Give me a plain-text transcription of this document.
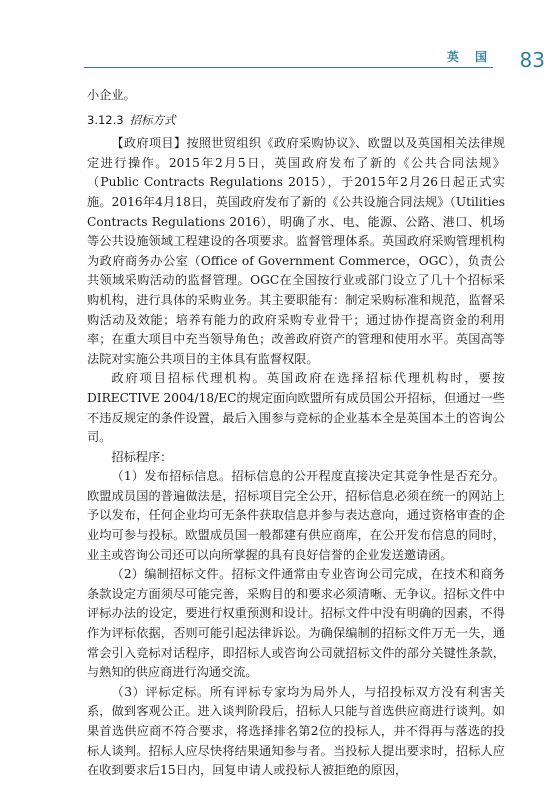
英 国 83

小企业。

3.12.3 招标方式

【政府项目】按照世贸组织《政府采购协议》、欧盟以及英国相关法律规定进行操作。2015年2月5日，英国政府发布了新的《公共合同法规》（Public Contracts Regulations 2015），于2015年2月26日起正式实施。2016年4月18日，英国政府发布了新的《公共设施合同法规》（Utilities Contracts Regulations 2016），明确了水、电、能源、公路、港口、机场等公共设施领域工程建设的各项要求。监督管理体系。英国政府采购管理机构为政府商务办公室（Office of Government Commerce，OGC），负责公共领域采购活动的监督管理。OGC在全国按行业或部门设立了几十个招标采购机构，进行具体的采购业务。其主要职能有：制定采购标准和规范，监督采购活动及效能；培养有能力的政府采购专业骨干；通过协作提高资金的利用率；在重大项目中充当领导角色；改善政府资产的管理和使用水平。英国高等法院对实施公共项目的主体具有监督权限。

政府项目招标代理机构。英国政府在选择招标代理机构时，要按DIRECTIVE 2004/18/EC的规定面向欧盟所有成员国公开招标，但通过一些不违反规定的条件设置，最后入围参与竞标的企业基本全是英国本土的咨询公司。

招标程序：

（1）发布招标信息。招标信息的公开程度直接决定其竞争性是否充分。欧盟成员国的普遍做法是，招标项目完全公开，招标信息必须在统一的网站上予以发布，任何企业均可无条件获取信息并参与表达意向，通过资格审查的企业均可参与投标。欧盟成员国一般都建有供应商库，在公开发布信息的同时，业主或咨询公司还可以向所掌握的具有良好信誉的企业发送邀请函。

（2）编制招标文件。招标文件通常由专业咨询公司完成，在技术和商务条款设定方面须尽可能完善，采购目的和要求必须清晰、无争议。招标文件中评标办法的设定，要进行权重预测和设计。招标文件中没有明确的因素，不得作为评标依据，否则可能引起法律诉讼。为确保编制的招标文件万无一失，通常会引入竞标对话程序，即招标人或咨询公司就招标文件的部分关键性条款，与熟知的供应商进行沟通交流。

（3）评标定标。所有评标专家均为局外人，与招投标双方没有利害关系，做到客观公正。进入谈判阶段后，招标人只能与首选供应商进行谈判。如果首选供应商不符合要求，将选择排名第2位的投标人，并不得再与落选的投标人谈判。招标人应尽快将结果通知参与者。当投标人提出要求时，招标人应在收到要求后15日内，回复申请人或投标人被拒绝的原因，
